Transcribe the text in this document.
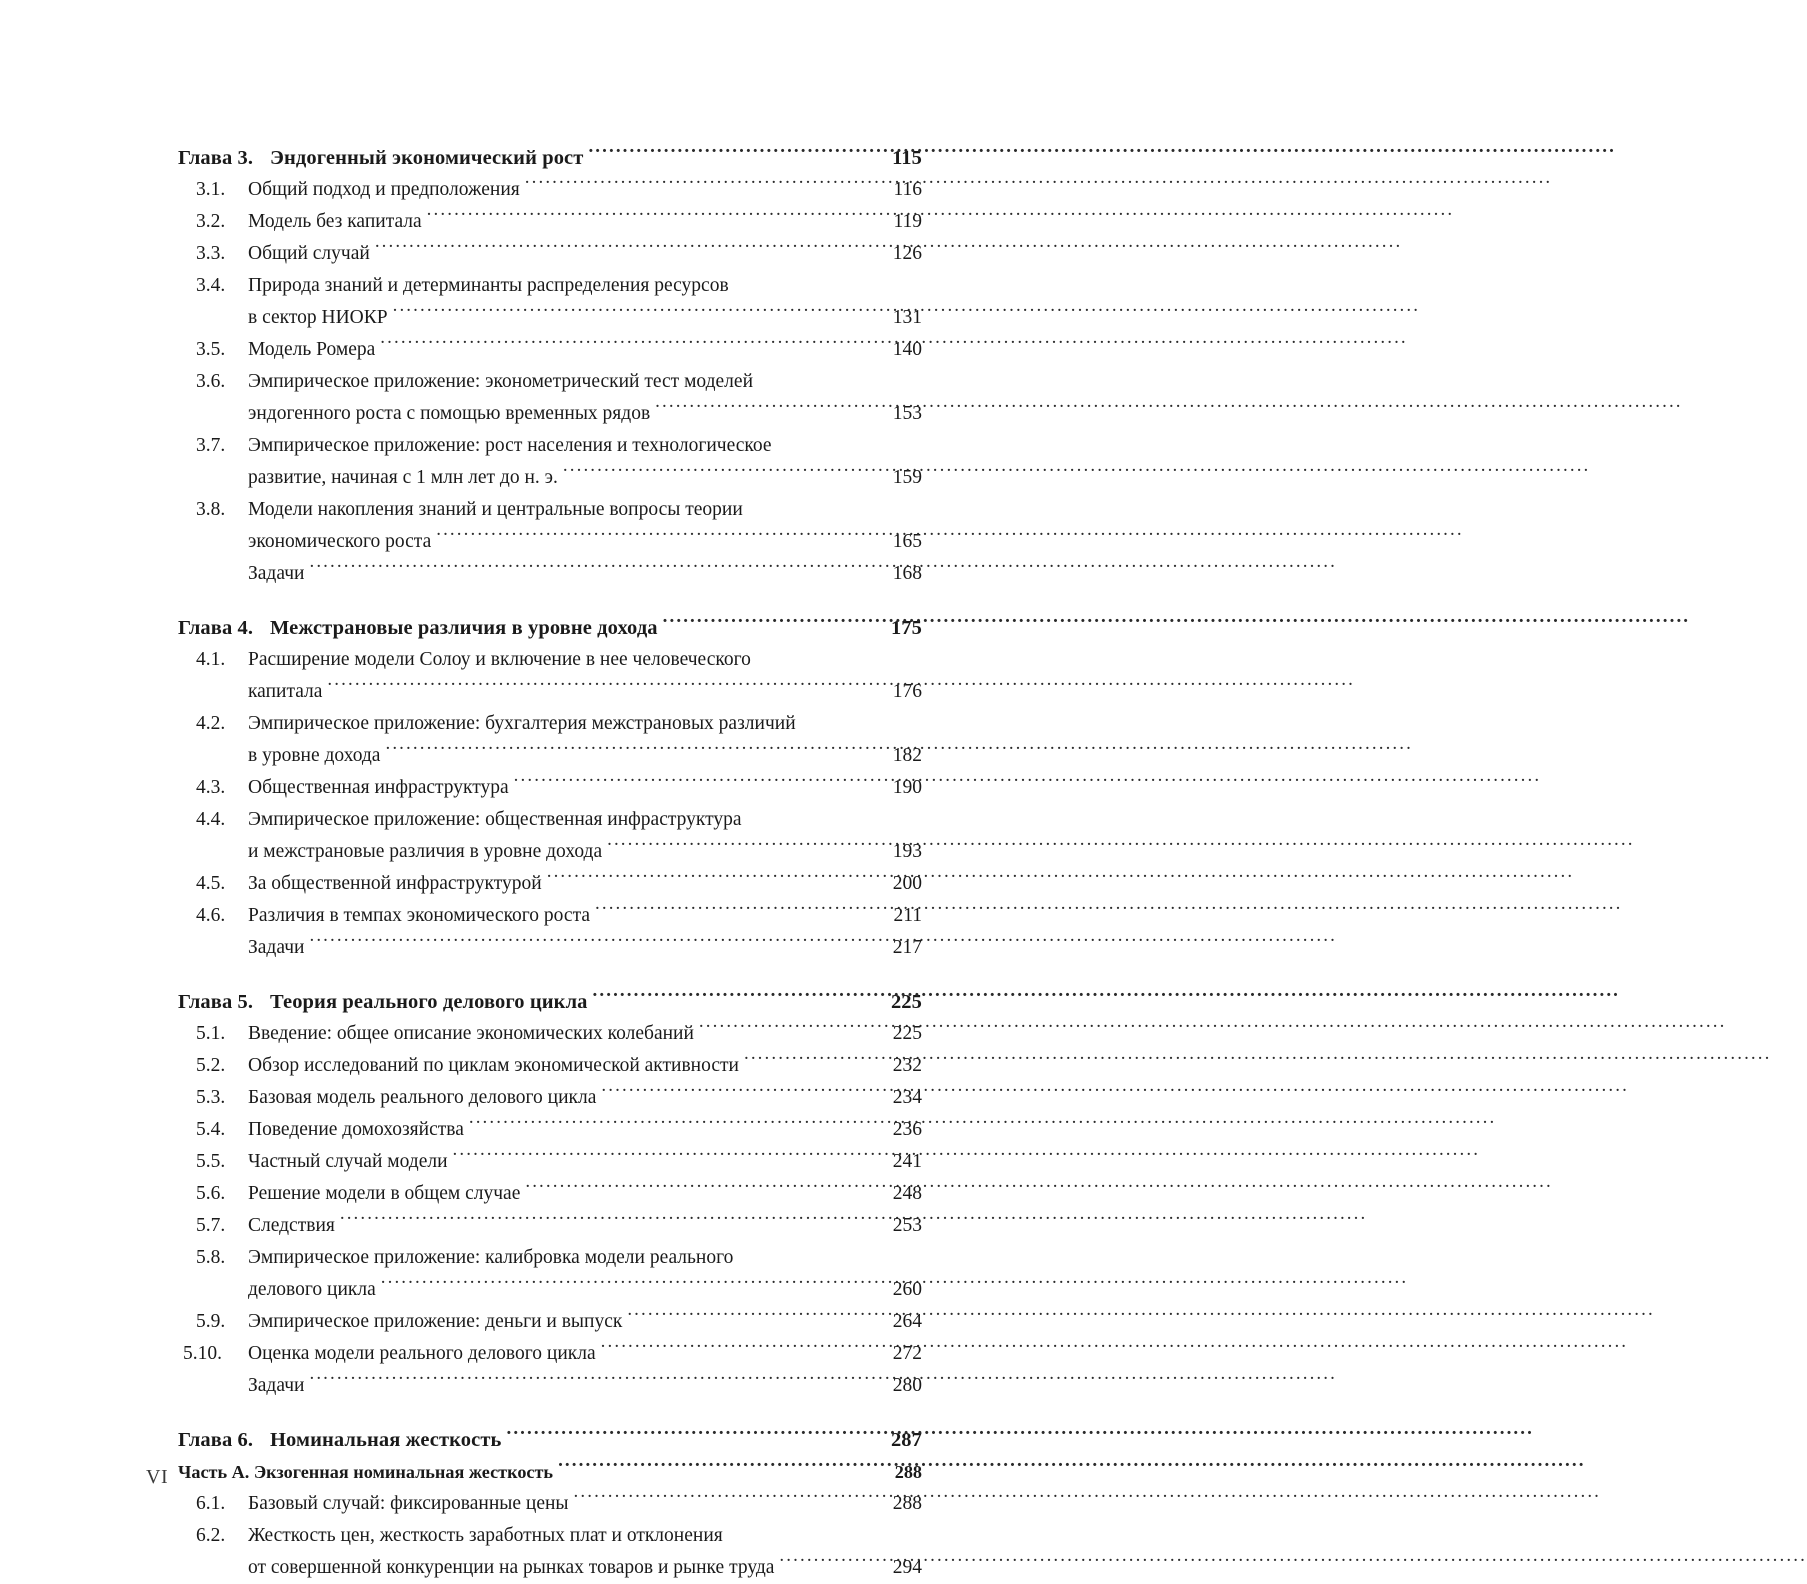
Глава 3. Эндогенный экономический рост .....	115
3.1.	Общий подход и предположения .....	116
3.2.	Модель без капитала .....	119
3.3.	Общий случай .....	126
3.4.	Природа знаний и детерминанты распределения ресурсов
в сектор НИОКР .....	131
3.5.	Модель Ромера .....	140
3.6.	Эмпирическое приложение: эконометрический тест моделей
эндогенного роста с помощью временных рядов .....	153
3.7.	Эмпирическое приложение: рост населения и технологическое
развитие, начиная с 1 млн лет до н. э. .....	159
3.8.	Модели накопления знаний и центральные вопросы теории
экономического роста .....	165
Задачи .....	168
Глава 4. Межстрановые различия в уровне дохода .....	175
4.1.	Расширение модели Солоу и включение в нее человеческого
капитала .....	176
4.2.	Эмпирическое приложение: бухгалтерия межстрановых различий
в уровне дохода .....	182
4.3.	Общественная инфраструктура .....	190
4.4.	Эмпирическое приложение: общественная инфраструктура
и межстрановые различия в уровне дохода .....	193
4.5.	За общественной инфраструктурой .....	200
4.6.	Различия в темпах экономического роста .....	211
Задачи .....	217
Глава 5. Теория реального делового цикла .....	225
5.1.	Введение: общее описание экономических колебаний .....	225
5.2.	Обзор исследований по циклам экономической активности .....	232
5.3.	Базовая модель реального делового цикла .....	234
5.4.	Поведение домохозяйства .....	236
5.5.	Частный случай модели .....	241
5.6.	Решение модели в общем случае .....	248
5.7.	Следствия .....	253
5.8.	Эмпирическое приложение: калибровка модели реального
делового цикла .....	260
5.9.	Эмпирическое приложение: деньги и выпуск .....	264
5.10.	Оценка модели реального делового цикла .....	272
Задачи .....	280
Глава 6. Номинальная жесткость .....	287
Часть А. Экзогенная номинальная жесткость .....	288
6.1.	Базовый случай: фиксированные цены .....	288
6.2.	Жесткость цен, жесткость заработных плат и отклонения
от совершенной конкуренции на рынках товаров и рынке труда .....	294
VI
